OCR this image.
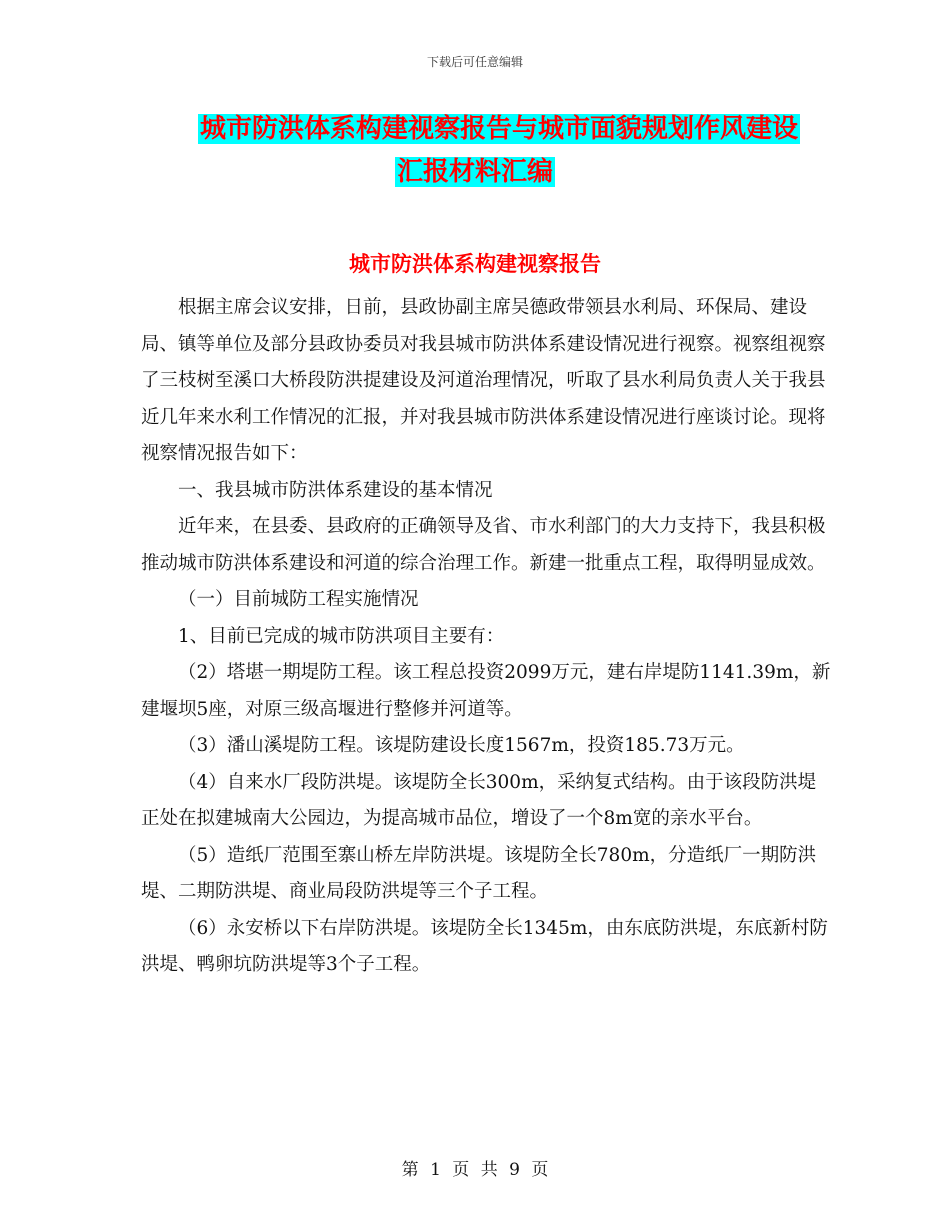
下载后可任意编辑
城市防洪体系构建视察报告与城市面貌规划作风建设
汇报材料汇编
城市防洪体系构建视察报告

根据主席会议安排，日前，县政协副主席吴德政带领县水利局、环保局、建设局、镇等单位及部分县政协委员对我县城市防洪体系建设情况进行视察。视察组视察了三枝树至溪口大桥段防洪提建设及河道治理情况，听取了县水利局负责人关于我县近几年来水利工作情况的汇报，并对我县城市防洪体系建设情况进行座谈讨论。现将视察情况报告如下：

一、我县城市防洪体系建设的基本情况

近年来，在县委、县政府的正确领导及省、市水利部门的大力支持下，我县积极推动城市防洪体系建设和河道的综合治理工作。新建一批重点工程，取得明显成效。

（一）目前城防工程实施情况

1、目前已完成的城市防洪项目主要有：

（2）塔堪一期堤防工程。该工程总投资2099万元，建右岸堤防1141.39m，新建堰坝5座，对原三级高堰进行整修并河道等。

（3）潘山溪堤防工程。该堤防建设长度1567m，投资185.73万元。

（4）自来水厂段防洪堤。该堤防全长300m，采纳复式结构。由于该段防洪堤正处在拟建城南大公园边，为提高城市品位，增设了一个8m宽的亲水平台。

（5）造纸厂范围至寨山桥左岸防洪堤。该堤防全长780m，分造纸厂一期防洪堤、二期防洪堤、商业局段防洪堤等三个子工程。

（6）永安桥以下右岸防洪堤。该堤防全长1345m，由东底防洪堤，东底新村防洪堤、鸭卵坑防洪堤等3个子工程。

第 1 页 共 9 页
